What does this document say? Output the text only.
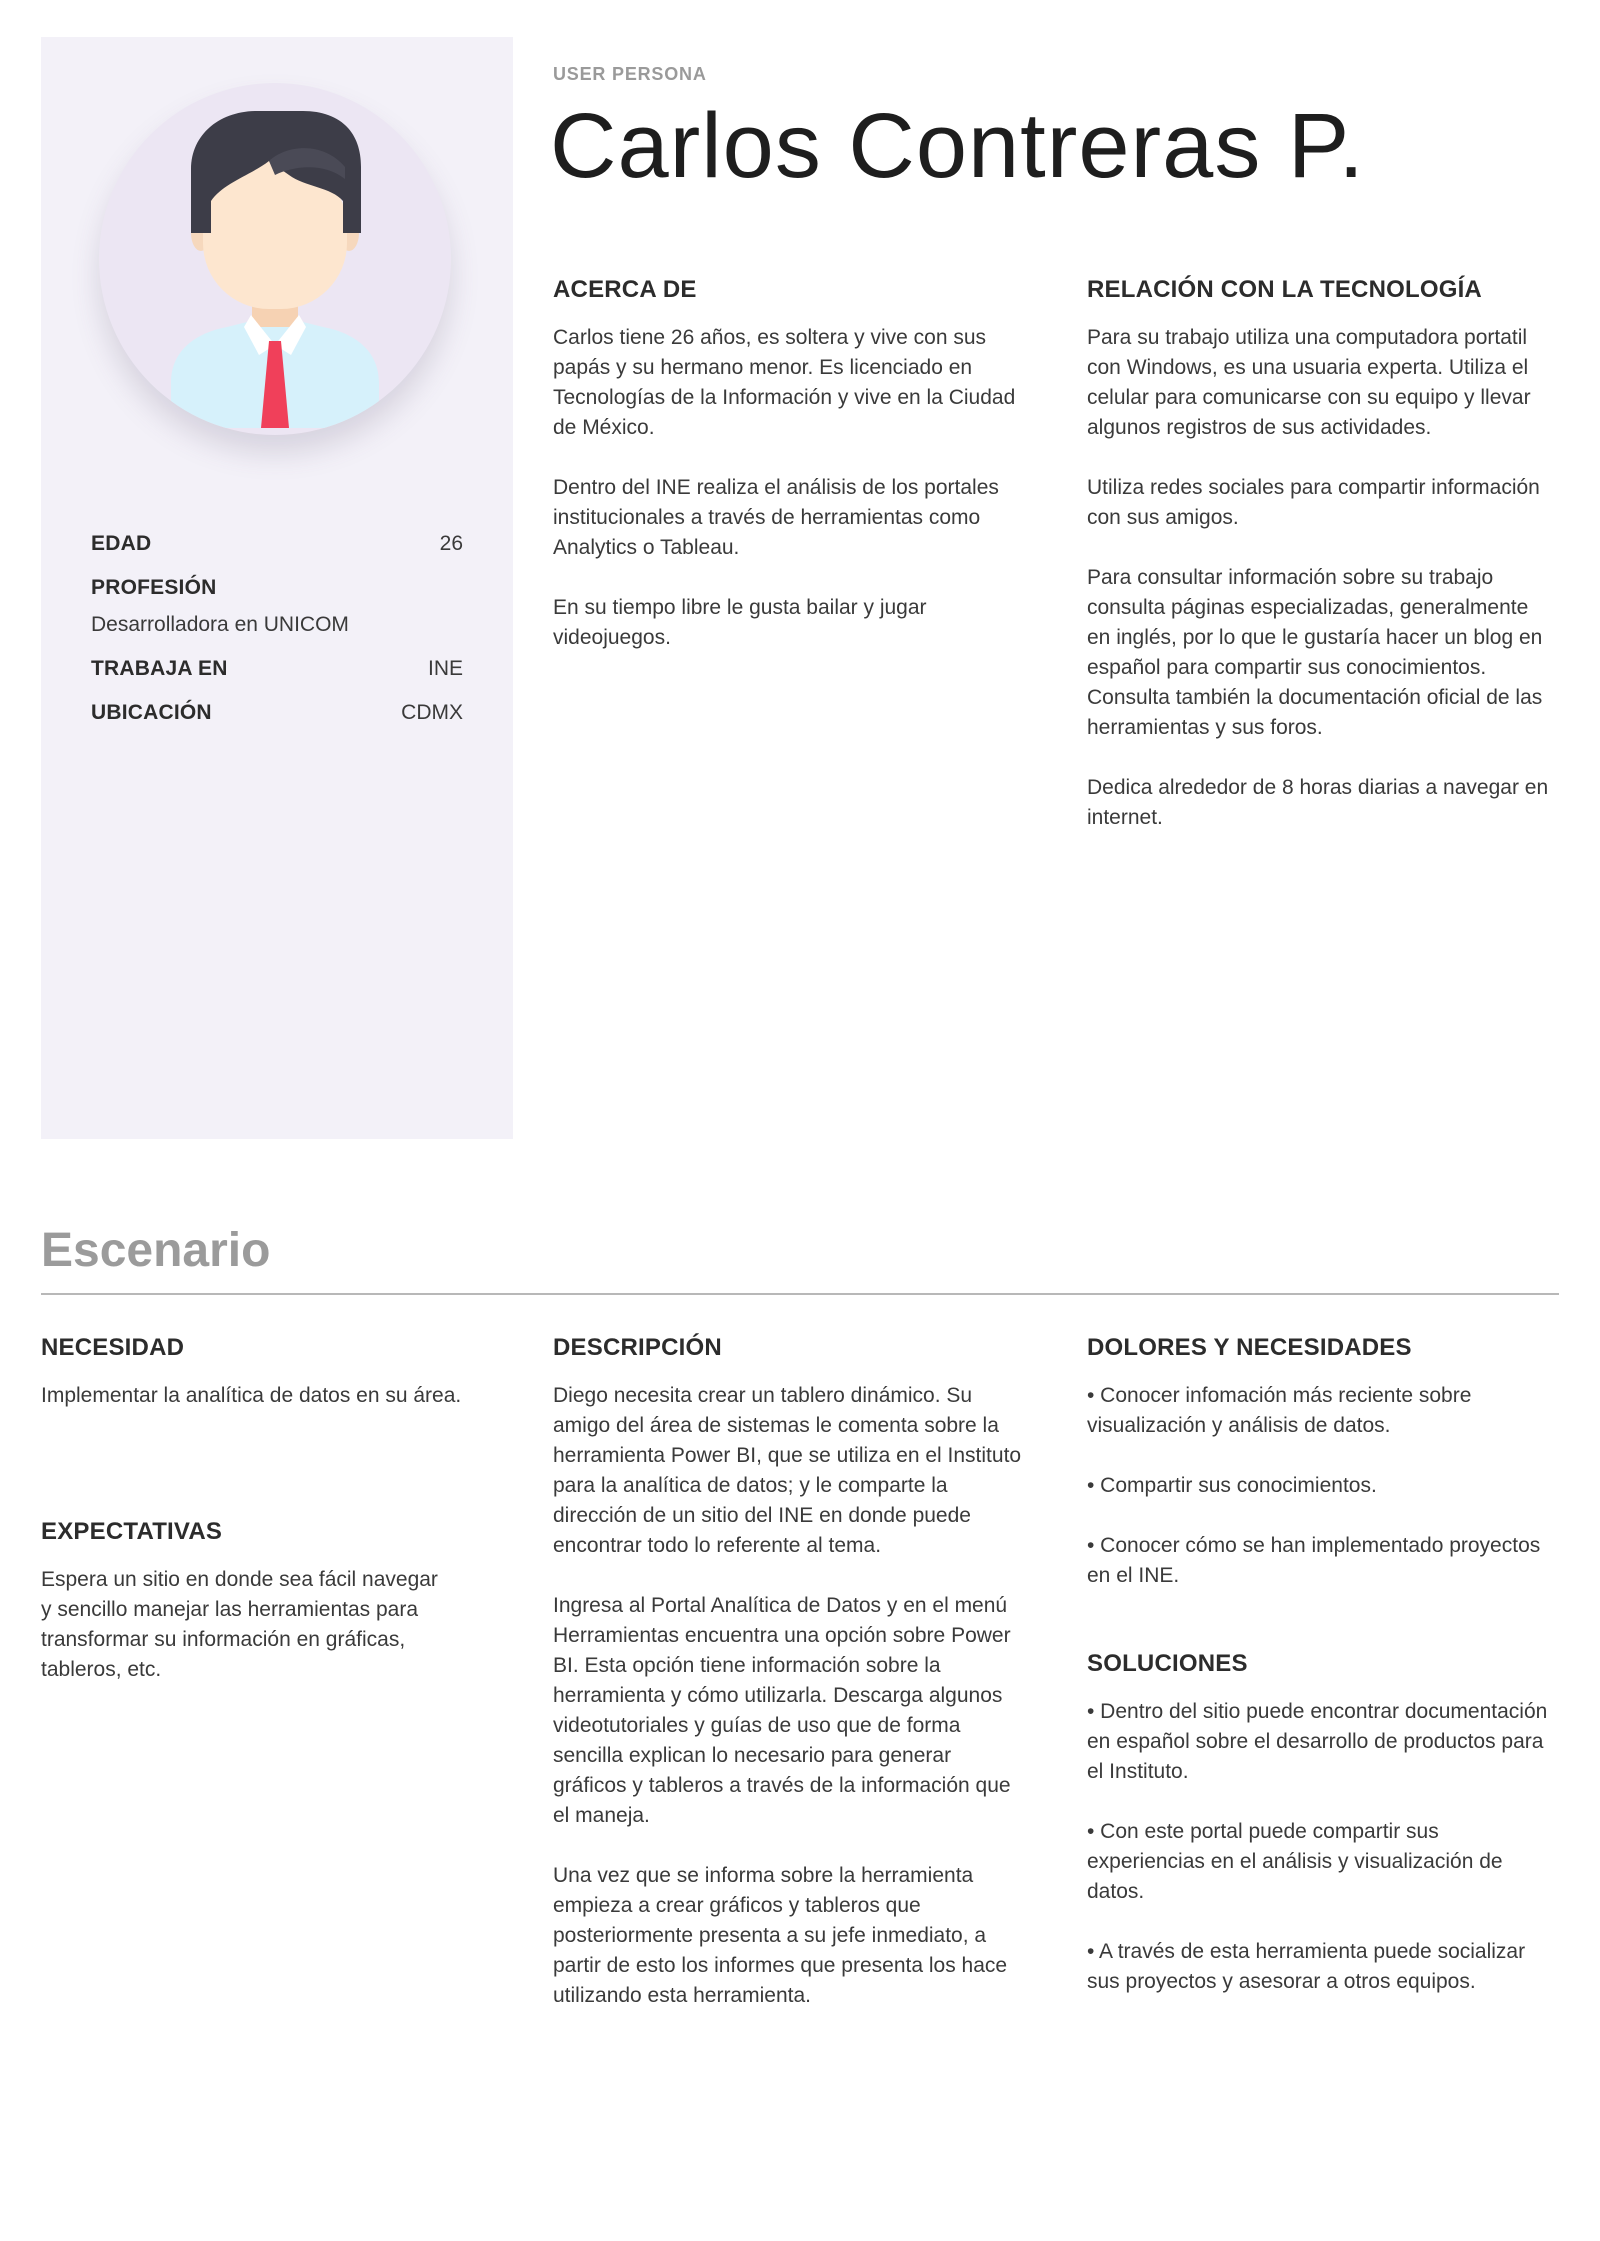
EDAD	26
PROFESIÓN
Desarrolladora en UNICOM
TRABAJA EN	INE
UBICACIÓN	CDMX

USER PERSONA

Carlos Contreras P.
ACERCA DE

Carlos tiene 26 años, es soltera y vive con sus papás y su hermano menor. Es licenciado en Tecnologías de la Información y vive en la Ciudad de México.

Dentro del INE realiza el análisis de los portales institucionales a través de herramientas como Analytics o Tableau.

En su tiempo libre le gusta bailar y jugar videojuegos.

RELACIÓN CON LA TECNOLOGÍA

Para su trabajo utiliza una computadora portatil con Windows, es una usuaria experta. Utiliza el celular para comunicarse con su equipo y llevar algunos registros de sus actividades.

Utiliza redes sociales para compartir información con sus amigos.

Para consultar información sobre su trabajo consulta páginas especializadas, generalmente en inglés, por lo que le gustaría hacer un blog en español para compartir sus conocimientos. Consulta también la documentación oficial de las herramientas y sus foros.

Dedica alrededor de 8 horas diarias a navegar en internet.

Escenario
NECESIDAD

Implementar la analítica de datos en su área.

EXPECTATIVAS

Espera un sitio en donde sea fácil navegar y sencillo manejar las herramientas para transformar su información en gráficas, tableros, etc.

DESCRIPCIÓN

Diego necesita crear un tablero dinámico. Su amigo del área de sistemas le comenta sobre la herramienta Power BI, que se utiliza en el Instituto para la analítica de datos; y le comparte la dirección de un sitio del INE en donde puede encontrar todo lo referente al tema.

Ingresa al Portal Analítica de Datos y en el menú Herramientas encuentra una opción sobre Power BI. Esta opción tiene información sobre la herramienta y cómo utilizarla. Descarga algunos videotutoriales y guías de uso que de forma sencilla explican lo necesario para generar gráficos y tableros a través de la información que el maneja.

Una vez que se informa sobre la herramienta empieza a crear gráficos y tableros que posteriormente presenta a su jefe inmediato, a partir de esto los informes que presenta los hace utilizando esta herramienta.

DOLORES Y NECESIDADES

• Conocer infomación más reciente sobre visualización y análisis de datos.

• Compartir sus conocimientos.

• Conocer cómo se han implementado proyectos en el INE.

SOLUCIONES

• Dentro del sitio puede encontrar documentación en español sobre el desarrollo de productos para el Instituto.

• Con este portal puede compartir sus experiencias en el análisis y visualización de datos.

• A través de esta herramienta puede socializar sus proyectos y asesorar a otros equipos.
